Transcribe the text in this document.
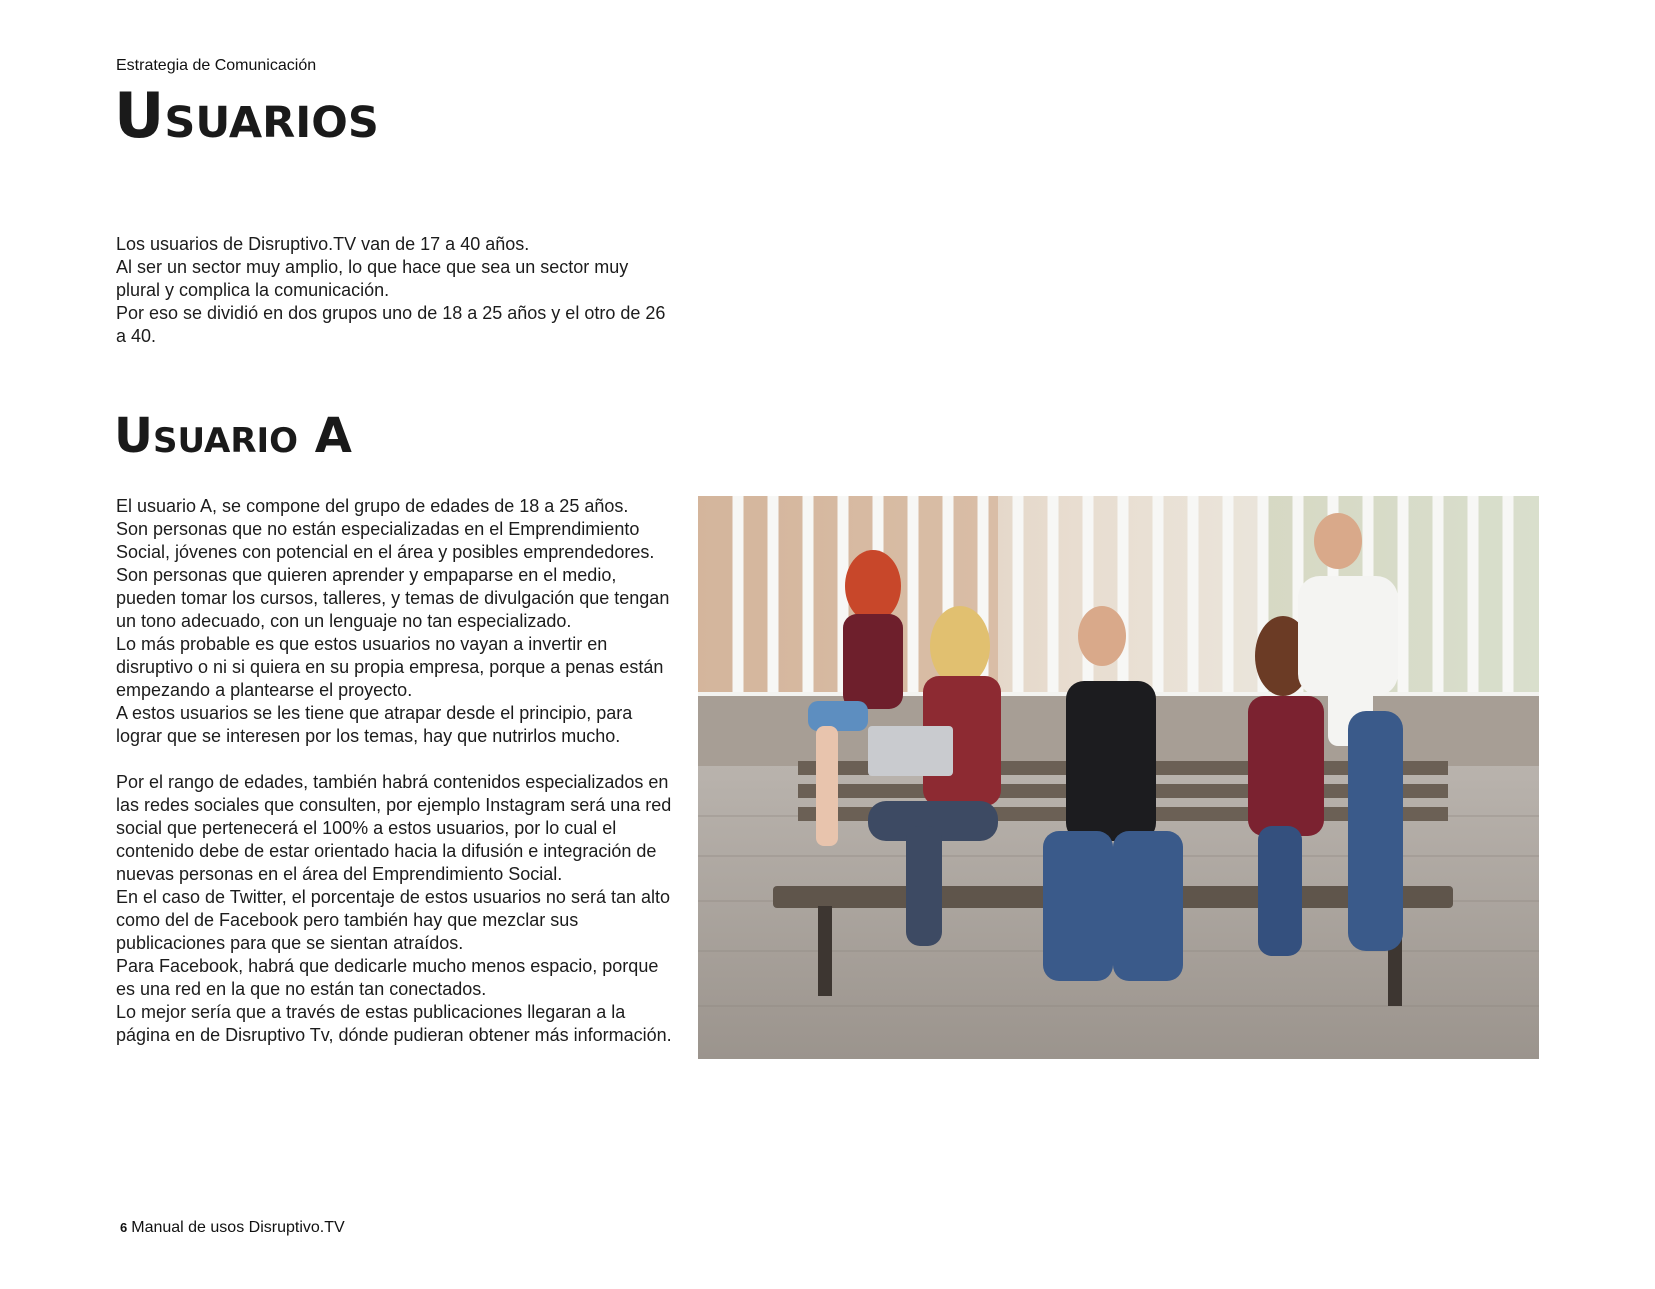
Estrategia de Comunicación
Usuarios

Los usuarios de Disruptivo.TV van de 17 a 40 años.

Al ser un sector muy amplio, lo que hace que sea un sector muy plural y complica la comunicación.

Por eso se dividió en dos grupos uno de 18 a 25 años y el otro de 26 a 40.

Usuario A

El usuario A, se compone del grupo de edades de 18 a 25 años.

Son personas que no están especializadas en el Emprendimiento Social, jóvenes con potencial en el área y posibles emprendedores.

Son personas que quieren aprender y empaparse en el medio, pueden tomar los cursos, talleres, y temas de divulgación que tengan un tono adecuado, con un lenguaje no tan especializado.

Lo más probable es que estos usuarios no vayan a invertir en disruptivo o ni si quiera en su propia empresa, porque a penas están empezando a plantearse el proyecto.

A estos usuarios se les tiene que atrapar desde el principio, para lograr que se interesen por los temas, hay que nutrirlos mucho.

Por el rango de edades, también habrá contenidos especializados en las redes sociales que consulten, por ejemplo Instagram será una red social que pertenecerá el 100% a estos usuarios, por lo cual el contenido debe de estar orientado hacia la difusión e integración de nuevas personas en el área del Emprendimiento Social.

En el caso de Twitter, el porcentaje de estos usuarios no será tan alto como del de Facebook pero también hay que mezclar sus publicaciones para que se sientan atraídos.

Para Facebook, habrá que dedicarle mucho menos espacio, porque es una red en la que no están tan conectados.

Lo mejor sería que a través de estas publicaciones llegaran a la página en de Disruptivo Tv, dónde pudieran obtener más información.

6 Manual de usos Disruptivo.TV
